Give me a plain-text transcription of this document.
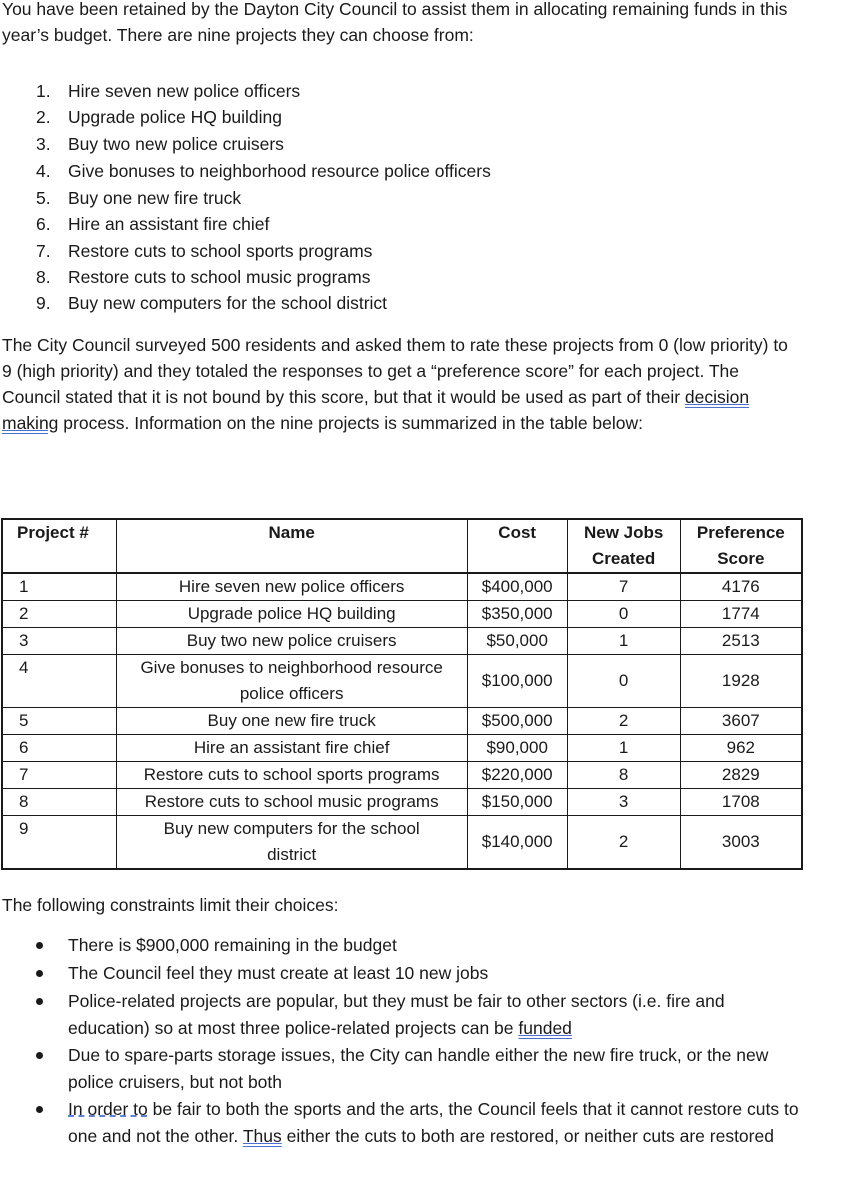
You have been retained by the Dayton City Council to assist them in allocating remaining funds in this year’s budget. There are nine projects they can choose from:

1. Hire seven new police officers
2. Upgrade police HQ building
3. Buy two new police cruisers
4. Give bonuses to neighborhood resource police officers
5. Buy one new fire truck
6. Hire an assistant fire chief
7. Restore cuts to school sports programs
8. Restore cuts to school music programs
9. Buy new computers for the school district

The City Council surveyed 500 residents and asked them to rate these projects from 0 (low priority) to 9 (high priority) and they totaled the responses to get a “preference score” for each project. The Council stated that it is not bound by this score, but that it would be used as part of their decision making process. Information on the nine projects is summarized in the table below:

Project #	Name	Cost	New Jobs Created	Preference Score
1	Hire seven new police officers	$400,000	7	4176
2	Upgrade police HQ building	$350,000	0	1774
3	Buy two new police cruisers	$50,000	1	2513
4	Give bonuses to neighborhood resource police officers	$100,000	0	1928
5	Buy one new fire truck	$500,000	2	3607
6	Hire an assistant fire chief	$90,000	1	962
7	Restore cuts to school sports programs	$220,000	8	2829
8	Restore cuts to school music programs	$150,000	3	1708
9	Buy new computers for the school district	$140,000	2	3003

The following constraints limit their choices:

There is $900,000 remaining in the budget
The Council feel they must create at least 10 new jobs
Police-related projects are popular, but they must be fair to other sectors (i.e. fire and education) so at most three police-related projects can be funded
Due to spare-parts storage issues, the City can handle either the new fire truck, or the new police cruisers, but not both
In order to be fair to both the sports and the arts, the Council feels that it cannot restore cuts to one and not the other. Thus either the cuts to both are restored, or neither cuts are restored
